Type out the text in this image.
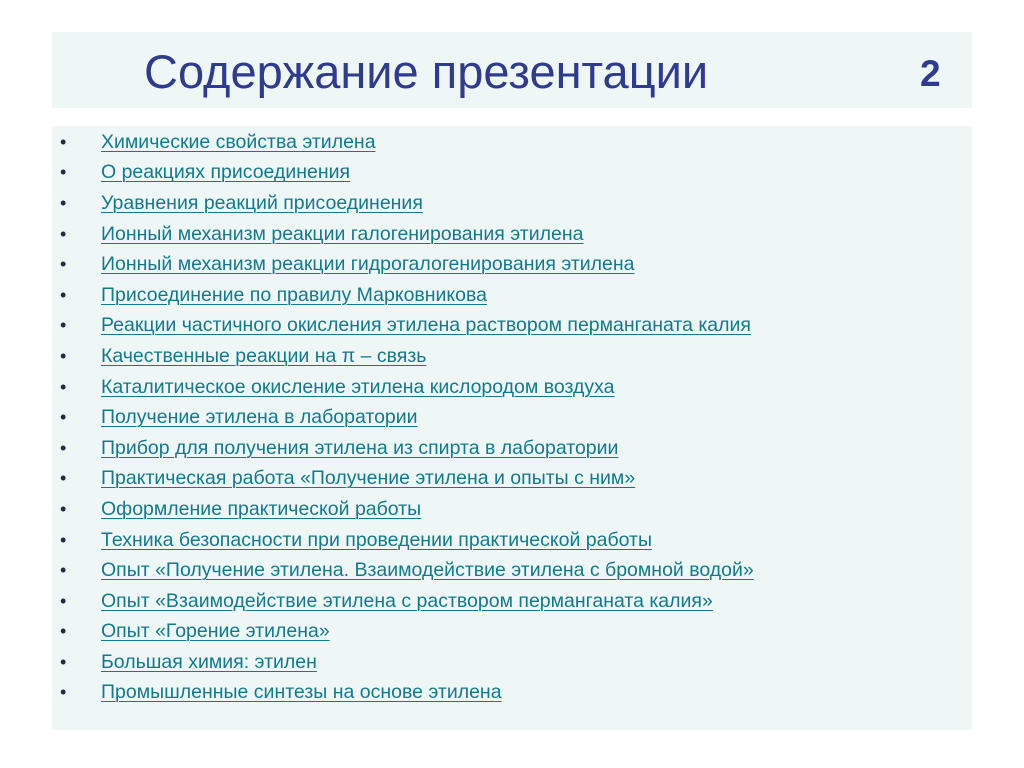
Содержание презентации	2
•	Химические свойства этилена
•	О реакциях присоединения
•	Уравнения реакций присоединения
•	Ионный механизм реакции галогенирования этилена
•	Ионный механизм реакции гидрогалогенирования этилена
•	Присоединение по правилу Марковникова
•	Реакции частичного окисления этилена раствором перманганата калия
•	Качественные реакции на π – связь
•	Каталитическое окисление этилена кислородом воздуха
•	Получение этилена в лаборатории
•	Прибор для получения этилена из спирта в лаборатории
•	Практическая работа «Получение этилена и опыты с ним»
•	Оформление практической работы
•	Техника безопасности при проведении практической работы
•	Опыт «Получение этилена. Взаимодействие этилена с бромной водой»
•	Опыт «Взаимодействие этилена с раствором перманганата калия»
•	Опыт «Горение этилена»
•	Большая химия: этилен
•	Промышленные синтезы на основе этилена
